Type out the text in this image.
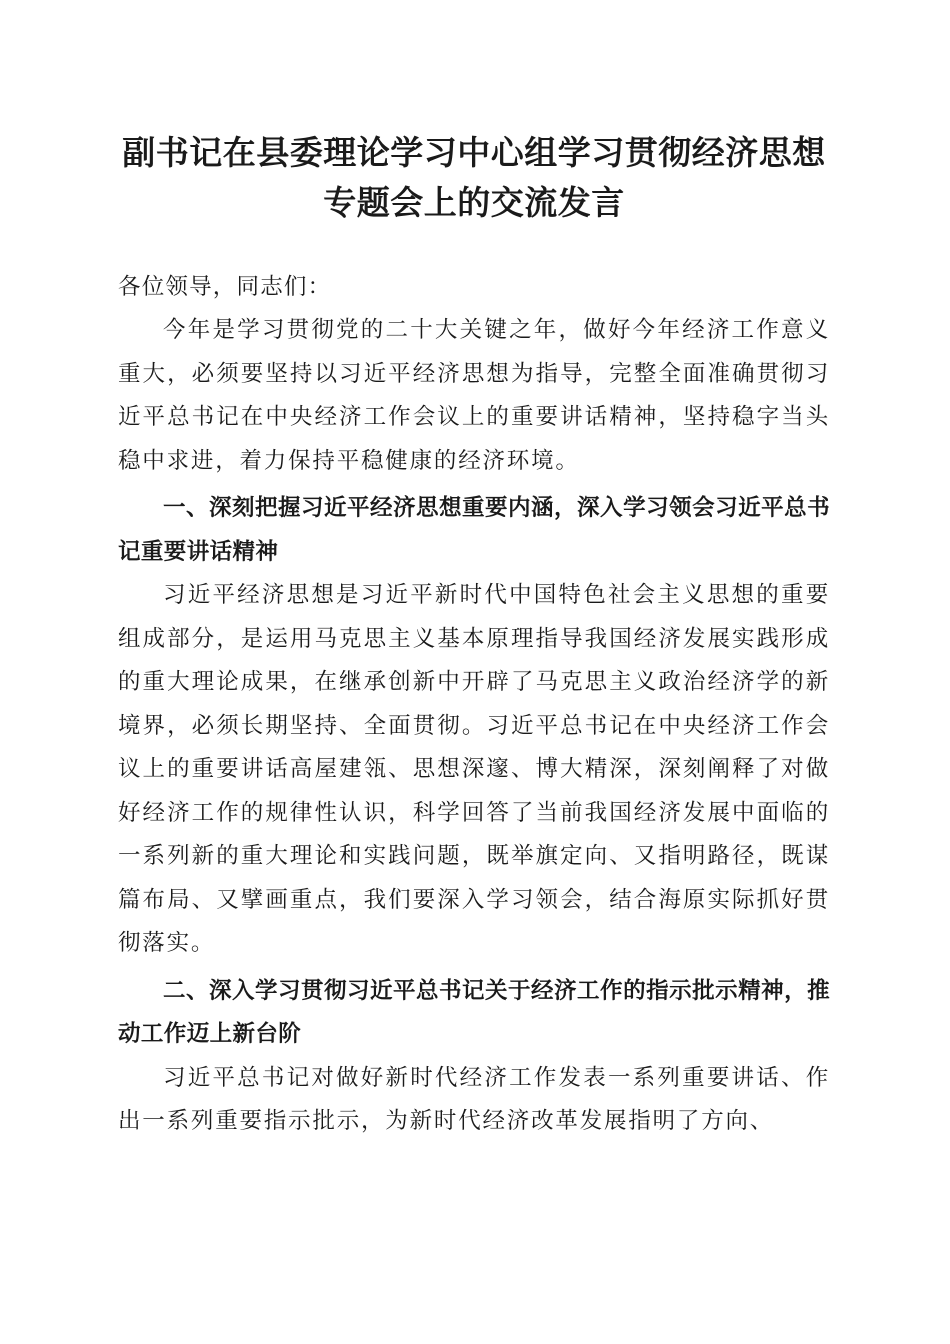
副书记在县委理论学习中心组学习贯彻经济思想专题会上的交流发言

各位领导，同志们：

今年是学习贯彻党的二十大关键之年，做好今年经济工作意义重大，必须要坚持以习近平经济思想为指导，完整全面准确贯彻习近平总书记在中央经济工作会议上的重要讲话精神，坚持稳字当头稳中求进，着力保持平稳健康的经济环境。

一、深刻把握习近平经济思想重要内涵，深入学习领会习近平总书记重要讲话精神

习近平经济思想是习近平新时代中国特色社会主义思想的重要组成部分，是运用马克思主义基本原理指导我国经济发展实践形成的重大理论成果，在继承创新中开辟了马克思主义政治经济学的新境界，必须长期坚持、全面贯彻。习近平总书记在中央经济工作会议上的重要讲话高屋建瓴、思想深邃、博大精深，深刻阐释了对做好经济工作的规律性认识，科学回答了当前我国经济发展中面临的一系列新的重大理论和实践问题，既举旗定向、又指明路径，既谋篇布局、又擘画重点，我们要深入学习领会，结合海原实际抓好贯彻落实。

二、深入学习贯彻习近平总书记关于经济工作的指示批示精神，推动工作迈上新台阶

习近平总书记对做好新时代经济工作发表一系列重要讲话、作出一系列重要指示批示，为新时代经济改革发展指明了方向、
